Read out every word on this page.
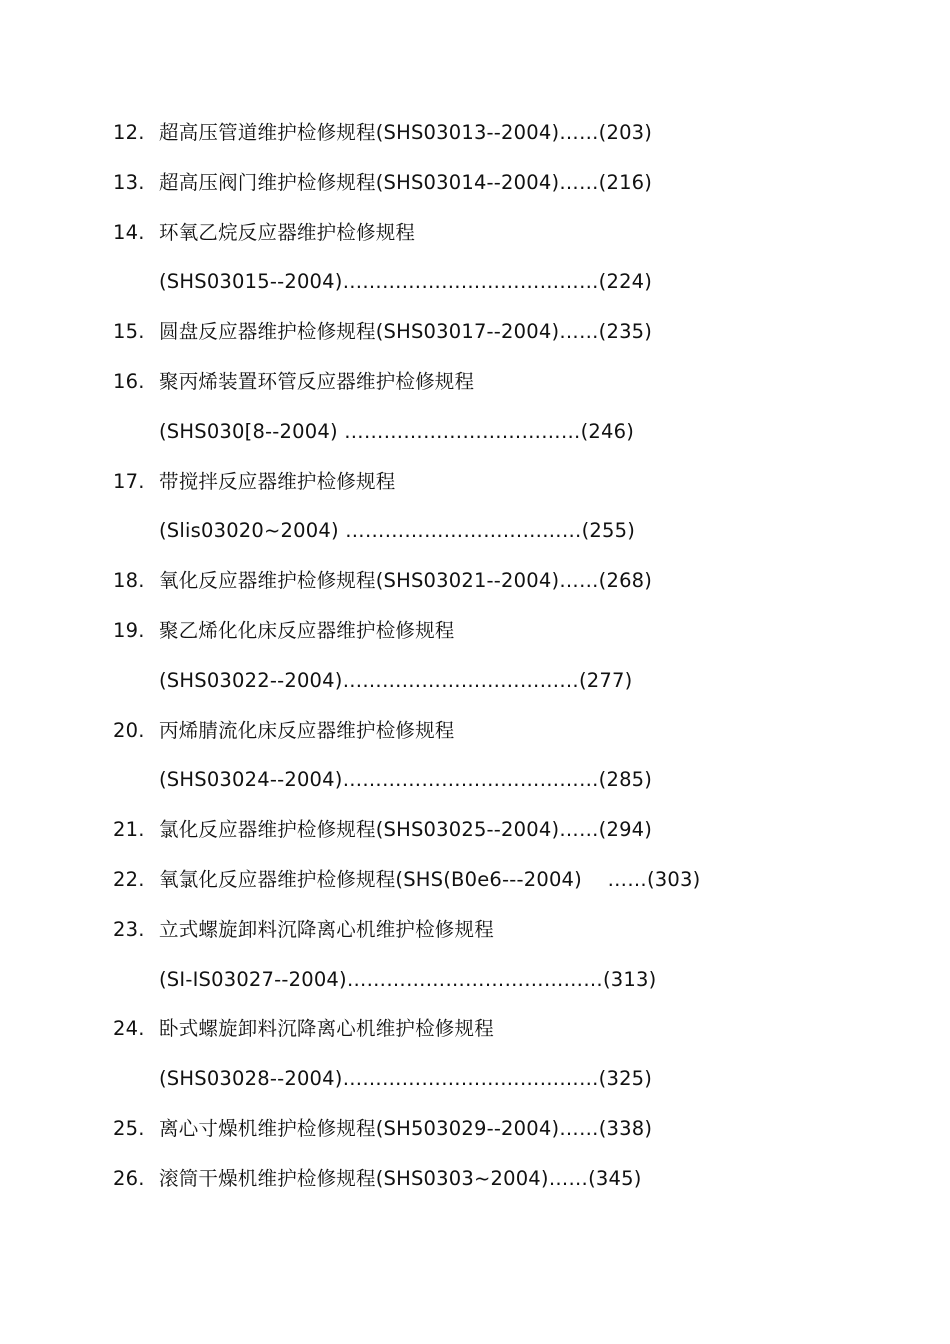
12. 超高压管道维护检修规程(SHS03013--2004)……(203)
13. 超高压阀门维护检修规程(SHS03014--2004)……(216)
14. 环氧乙烷反应器维护检修规程
(SHS03015--2004)…………………………………(224)
15. 圆盘反应器维护检修规程(SHS03017--2004)……(235)
16. 聚丙烯装置环管反应器维护检修规程
(SHS030[8--2004) ………………………………(246)
17. 带搅拌反应器维护检修规程
(Slis03020~2004) ………………………………(255)
18. 氧化反应器维护检修规程(SHS03021--2004)……(268)
19. 聚乙烯化化床反应器维护检修规程
(SHS03022--2004)………………………………(277)
20. 丙烯腈流化床反应器维护检修规程
(SHS03024--2004)…………………………………(285)
21. 氯化反应器维护检修规程(SHS03025--2004)……(294)
22. 氧氯化反应器维护检修规程(SHS(B0e6---2004)    ……(303)
23. 立式螺旋卸料沉降离心机维护检修规程
(SI-IS03027--2004)…………………………………(313)
24. 卧式螺旋卸料沉降离心机维护检修规程
(SHS03028--2004)…………………………………(325)
25. 离心寸燥机维护检修规程(SH503029--2004)……(338)
26. 滚筒干燥机维护检修规程(SHS0303~2004)……(345)
